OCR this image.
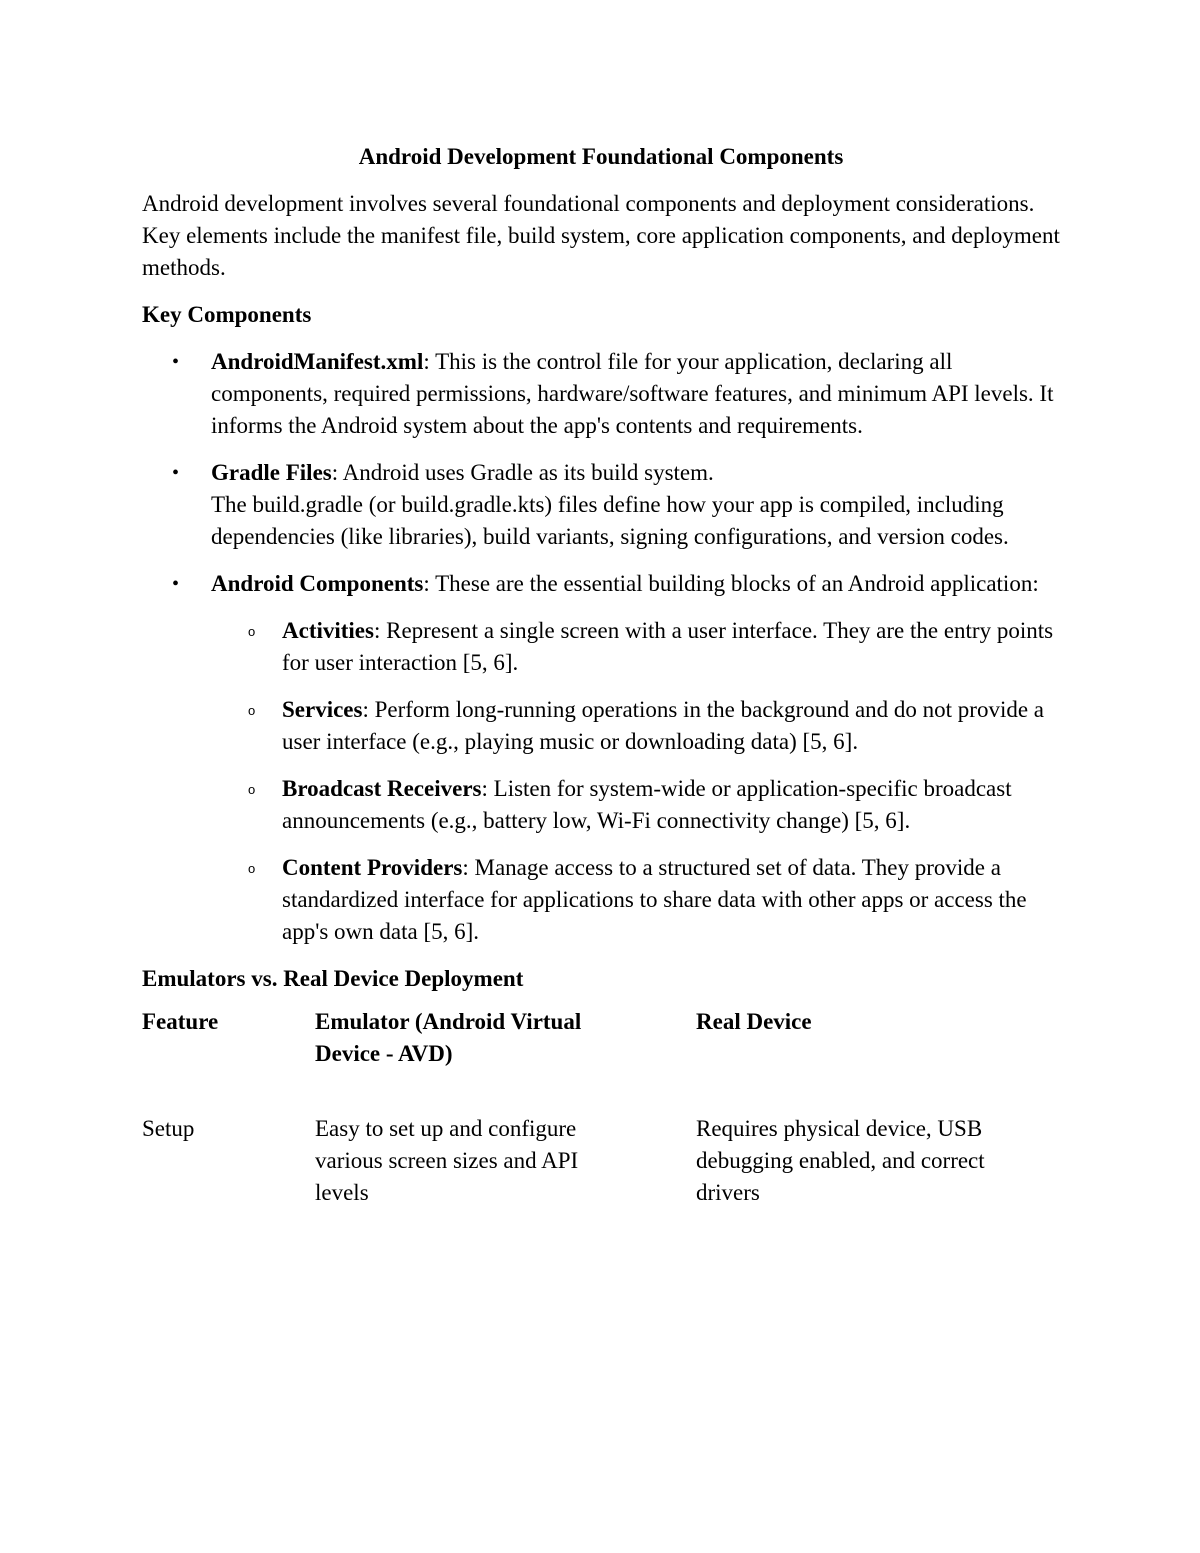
Android Development Foundational Components
Android development involves several foundational components and deployment considerations. Key elements include the manifest file, build system, core application components, and deployment methods.
Key Components
• AndroidManifest.xml: This is the control file for your application, declaring all components, required permissions, hardware/software features, and minimum API levels. It informs the Android system about the app's contents and requirements.
• Gradle Files: Android uses Gradle as its build system.
The build.gradle (or build.gradle.kts) files define how your app is compiled, including dependencies (like libraries), build variants, signing configurations, and version codes.
• Android Components: These are the essential building blocks of an Android application:
o Activities: Represent a single screen with a user interface. They are the entry points for user interaction [5, 6].
o Services: Perform long-running operations in the background and do not provide a user interface (e.g., playing music or downloading data) [5, 6].
o Broadcast Receivers: Listen for system-wide or application-specific broadcast announcements (e.g., battery low, Wi-Fi connectivity change) [5, 6].
o Content Providers: Manage access to a structured set of data. They provide a standardized interface for applications to share data with other apps or access the app's own data [5, 6].
Emulators vs. Real Device Deployment
Feature	Emulator (Android Virtual Device - AVD)	Real Device

Setup	Easy to set up and configure various screen sizes and API levels	Requires physical device, USB debugging enabled, and correct drivers
